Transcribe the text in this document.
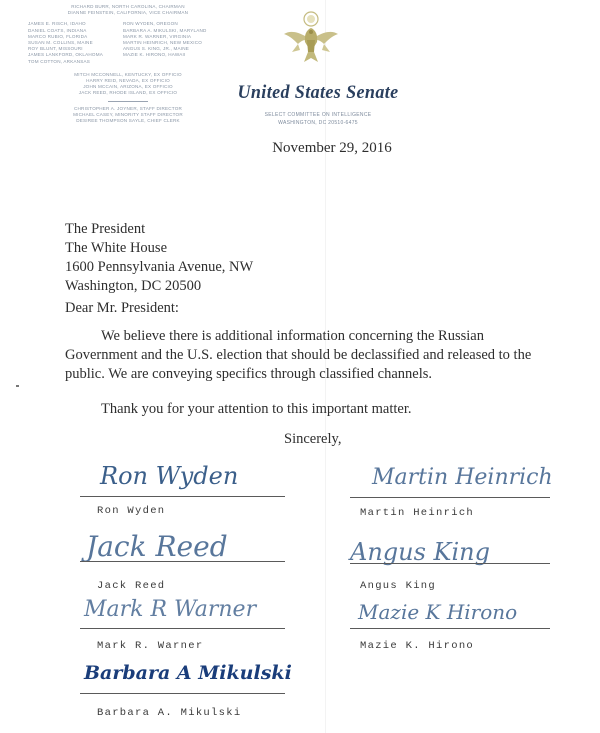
RICHARD BURR, NORTH CAROLINA, CHAIRMAN
DIANNE FEINSTEIN, CALIFORNIA, VICE CHAIRMAN
JAMES E. RISCH, IDAHO
DANIEL COATS, INDIANA
MARCO RUBIO, FLORIDA
SUSAN M. COLLINS, MAINE
ROY BLUNT, MISSOURI
JAMES LANKFORD, OKLAHOMA
TOM COTTON, ARKANSAS
RON WYDEN, OREGON
BARBARA A. MIKULSKI, MARYLAND
MARK R. WARNER, VIRGINIA
MARTIN HEINRICH, NEW MEXICO
ANGUS S. KING, JR., MAINE
MAZIE K. HIRONO, HAWAII
MITCH MCCONNELL, KENTUCKY, EX OFFICIO
HARRY REID, NEVADA, EX OFFICIO
JOHN MCCAIN, ARIZONA, EX OFFICIO
JACK REED, RHODE ISLAND, EX OFFICIO
CHRISTOPHER A. JOYNER, STAFF DIRECTOR
MICHAEL CASEY, MINORITY STAFF DIRECTOR
DESIREE THOMPSON SAYLE, CHIEF CLERK
United States Senate
SELECT COMMITTEE ON INTELLIGENCE
WASHINGTON, DC 20510-6475
November 29, 2016
The President
The White House
1600 Pennsylvania Avenue, NW
Washington, DC 20500
Dear Mr. President:
We believe there is additional information concerning the Russian
Government and the U.S. election that should be declassified and released to the
public. We are conveying specifics through classified channels.
Thank you for your attention to this important matter.
Sincerely,
Ron Wyden
Ron Wyden
Jack Reed
Jack Reed
Mark R Warner
Mark R. Warner
Barbara A Mikulski
Barbara A. Mikulski
Martin Heinrich
Martin Heinrich
Angus King
Angus King
Mazie K Hirono
Mazie K. Hirono
